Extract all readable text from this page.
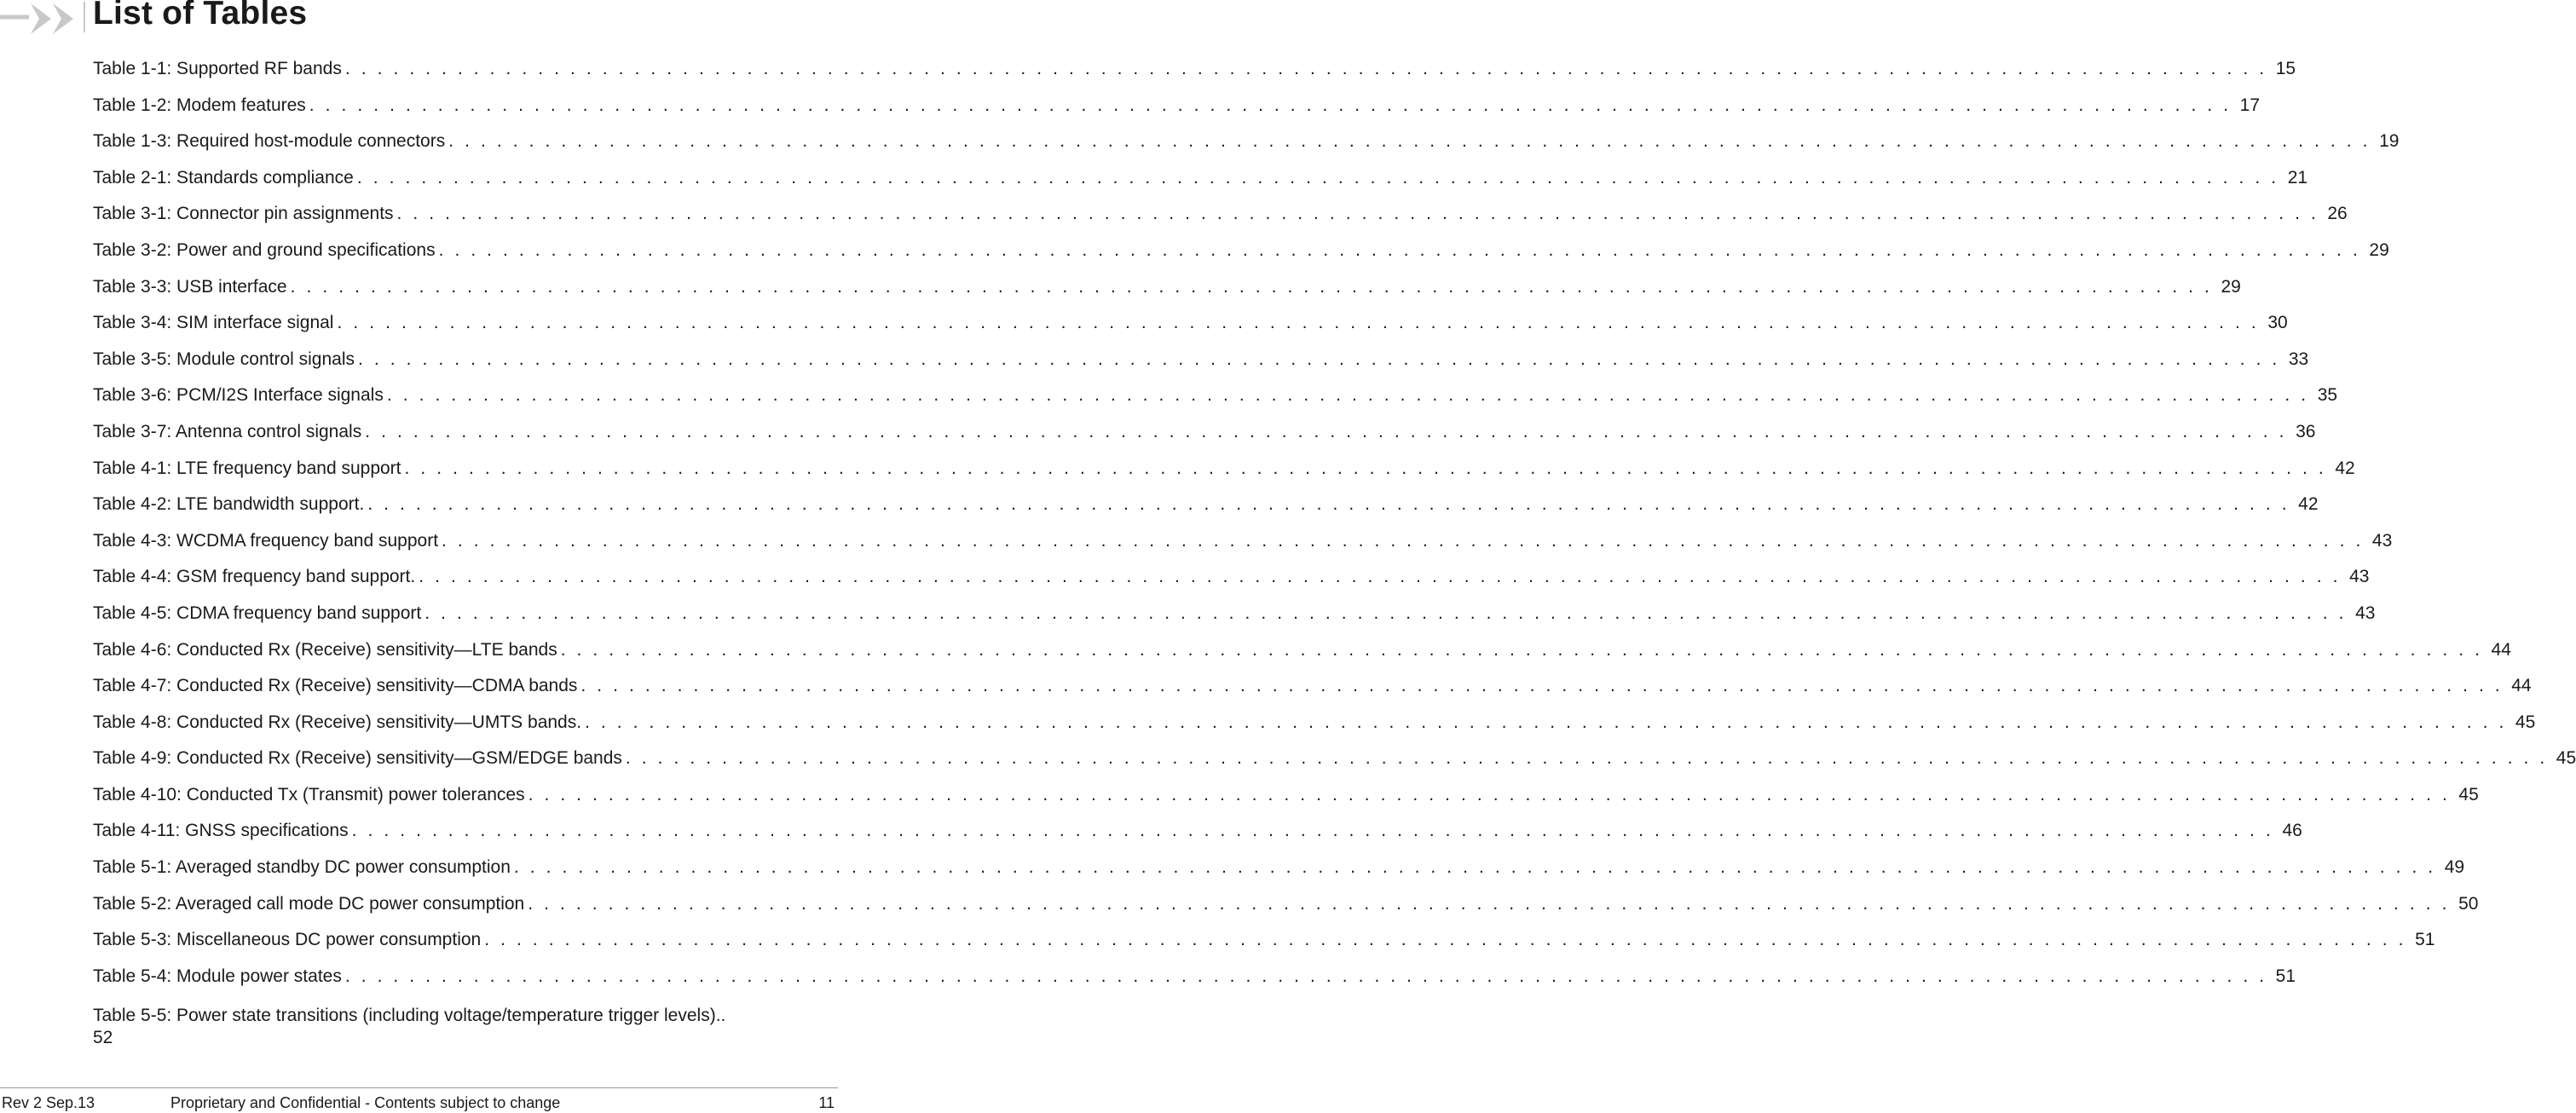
List of Tables
Table 1-1: Supported RF bands . . . . . . . . . . . . . . . . . . . . . . . . . . . . . . . . . . . . . . . . . . . . . . . . . . . . . . . . . . . . . . . . . . . . . . . . . . . . . . . . . . . . . . . . . . . . . . . . . . . . . . . . . . . . . . . . . . . . . . . . 15
Table 1-2: Modem features . . . . . . . . . . . . . . . . . . . . . . . . . . . . . . . . . . . . . . . . . . . . . . . . . . . . . . . . . . . . . . . . . . . . . . . . . . . . . . . . . . . . . . . . . . . . . . . . . . . . . . . . . . . . . . . . . . . . . . . . 17
Table 1-3: Required host-module connectors . . . . . . . . . . . . . . . . . . . . . . . . . . . . . . . . . . . . . . . . . . . . . . . . . . . . . . . . . . . . . . . . . . . . . . . . . . . . . . . . . . . . . . . . . . . . . . . . . . . . . . . . . . . . . . . . . . . . . . . . 19
Table 2-1: Standards compliance . . . . . . . . . . . . . . . . . . . . . . . . . . . . . . . . . . . . . . . . . . . . . . . . . . . . . . . . . . . . . . . . . . . . . . . . . . . . . . . . . . . . . . . . . . . . . . . . . . . . . . . . . . . . . . . . . . . . . . . . 21
Table 3-1: Connector pin assignments . . . . . . . . . . . . . . . . . . . . . . . . . . . . . . . . . . . . . . . . . . . . . . . . . . . . . . . . . . . . . . . . . . . . . . . . . . . . . . . . . . . . . . . . . . . . . . . . . . . . . . . . . . . . . . . . . . . . . . . . 26
Table 3-2: Power and ground specifications . . . . . . . . . . . . . . . . . . . . . . . . . . . . . . . . . . . . . . . . . . . . . . . . . . . . . . . . . . . . . . . . . . . . . . . . . . . . . . . . . . . . . . . . . . . . . . . . . . . . . . . . . . . . . . . . . . . . . . . . 29
Table 3-3: USB interface . . . . . . . . . . . . . . . . . . . . . . . . . . . . . . . . . . . . . . . . . . . . . . . . . . . . . . . . . . . . . . . . . . . . . . . . . . . . . . . . . . . . . . . . . . . . . . . . . . . . . . . . . . . . . . . . . . . . . . . . 29
Table 3-4: SIM interface signal . . . . . . . . . . . . . . . . . . . . . . . . . . . . . . . . . . . . . . . . . . . . . . . . . . . . . . . . . . . . . . . . . . . . . . . . . . . . . . . . . . . . . . . . . . . . . . . . . . . . . . . . . . . . . . . . . . . . . . . . 30
Table 3-5: Module control signals . . . . . . . . . . . . . . . . . . . . . . . . . . . . . . . . . . . . . . . . . . . . . . . . . . . . . . . . . . . . . . . . . . . . . . . . . . . . . . . . . . . . . . . . . . . . . . . . . . . . . . . . . . . . . . . . . . . . . . . . 33
Table 3-6: PCM/I2S Interface signals . . . . . . . . . . . . . . . . . . . . . . . . . . . . . . . . . . . . . . . . . . . . . . . . . . . . . . . . . . . . . . . . . . . . . . . . . . . . . . . . . . . . . . . . . . . . . . . . . . . . . . . . . . . . . . . . . . . . . . . . 35
Table 3-7: Antenna control signals . . . . . . . . . . . . . . . . . . . . . . . . . . . . . . . . . . . . . . . . . . . . . . . . . . . . . . . . . . . . . . . . . . . . . . . . . . . . . . . . . . . . . . . . . . . . . . . . . . . . . . . . . . . . . . . . . . . . . . . . 36
Table 4-1: LTE frequency band support . . . . . . . . . . . . . . . . . . . . . . . . . . . . . . . . . . . . . . . . . . . . . . . . . . . . . . . . . . . . . . . . . . . . . . . . . . . . . . . . . . . . . . . . . . . . . . . . . . . . . . . . . . . . . . . . . . . . . . . . 42
Table 4-2: LTE bandwidth support. . . . . . . . . . . . . . . . . . . . . . . . . . . . . . . . . . . . . . . . . . . . . . . . . . . . . . . . . . . . . . . . . . . . . . . . . . . . . . . . . . . . . . . . . . . . . . . . . . . . . . . . . . . . . . . . . . . . . . . . . 42
Table 4-3: WCDMA frequency band support . . . . . . . . . . . . . . . . . . . . . . . . . . . . . . . . . . . . . . . . . . . . . . . . . . . . . . . . . . . . . . . . . . . . . . . . . . . . . . . . . . . . . . . . . . . . . . . . . . . . . . . . . . . . . . . . . . . . . . . . 43
Table 4-4: GSM frequency band support. . . . . . . . . . . . . . . . . . . . . . . . . . . . . . . . . . . . . . . . . . . . . . . . . . . . . . . . . . . . . . . . . . . . . . . . . . . . . . . . . . . . . . . . . . . . . . . . . . . . . . . . . . . . . . . . . . . . . . . . . 43
Table 4-5: CDMA frequency band support . . . . . . . . . . . . . . . . . . . . . . . . . . . . . . . . . . . . . . . . . . . . . . . . . . . . . . . . . . . . . . . . . . . . . . . . . . . . . . . . . . . . . . . . . . . . . . . . . . . . . . . . . . . . . . . . . . . . . . . . 43
Table 4-6: Conducted Rx (Receive) sensitivity—LTE bands . . . . . . . . . . . . . . . . . . . . . . . . . . . . . . . . . . . . . . . . . . . . . . . . . . . . . . . . . . . . . . . . . . . . . . . . . . . . . . . . . . . . . . . . . . . . . . . . . . . . . . . . . . . . . . . . . . . . . . . . 44
Table 4-7: Conducted Rx (Receive) sensitivity—CDMA bands . . . . . . . . . . . . . . . . . . . . . . . . . . . . . . . . . . . . . . . . . . . . . . . . . . . . . . . . . . . . . . . . . . . . . . . . . . . . . . . . . . . . . . . . . . . . . . . . . . . . . . . . . . . . . . . . . . . . . . . . 44
Table 4-8: Conducted Rx (Receive) sensitivity—UMTS bands. . . . . . . . . . . . . . . . . . . . . . . . . . . . . . . . . . . . . . . . . . . . . . . . . . . . . . . . . . . . . . . . . . . . . . . . . . . . . . . . . . . . . . . . . . . . . . . . . . . . . . . . . . . . . . . . . . . . . . . . . 45
Table 4-9: Conducted Rx (Receive) sensitivity—GSM/EDGE bands . . . . . . . . . . . . . . . . . . . . . . . . . . . . . . . . . . . . . . . . . . . . . . . . . . . . . . . . . . . . . . . . . . . . . . . . . . . . . . . . . . . . . . . . . . . . . . . . . . . . . . . . . . . . . . . . . . . . . . . . 45
Table 4-10: Conducted Tx (Transmit) power tolerances . . . . . . . . . . . . . . . . . . . . . . . . . . . . . . . . . . . . . . . . . . . . . . . . . . . . . . . . . . . . . . . . . . . . . . . . . . . . . . . . . . . . . . . . . . . . . . . . . . . . . . . . . . . . . . . . . . . . . . . . 45
Table 4-11: GNSS specifications . . . . . . . . . . . . . . . . . . . . . . . . . . . . . . . . . . . . . . . . . . . . . . . . . . . . . . . . . . . . . . . . . . . . . . . . . . . . . . . . . . . . . . . . . . . . . . . . . . . . . . . . . . . . . . . . . . . . . . . . 46
Table 5-1: Averaged standby DC power consumption . . . . . . . . . . . . . . . . . . . . . . . . . . . . . . . . . . . . . . . . . . . . . . . . . . . . . . . . . . . . . . . . . . . . . . . . . . . . . . . . . . . . . . . . . . . . . . . . . . . . . . . . . . . . . . . . . . . . . . . . 49
Table 5-2: Averaged call mode DC power consumption . . . . . . . . . . . . . . . . . . . . . . . . . . . . . . . . . . . . . . . . . . . . . . . . . . . . . . . . . . . . . . . . . . . . . . . . . . . . . . . . . . . . . . . . . . . . . . . . . . . . . . . . . . . . . . . . . . . . . . . . 50
Table 5-3: Miscellaneous DC power consumption . . . . . . . . . . . . . . . . . . . . . . . . . . . . . . . . . . . . . . . . . . . . . . . . . . . . . . . . . . . . . . . . . . . . . . . . . . . . . . . . . . . . . . . . . . . . . . . . . . . . . . . . . . . . . . . . . . . . . . . . 51
Table 5-4: Module power states . . . . . . . . . . . . . . . . . . . . . . . . . . . . . . . . . . . . . . . . . . . . . . . . . . . . . . . . . . . . . . . . . . . . . . . . . . . . . . . . . . . . . . . . . . . . . . . . . . . . . . . . . . . . . . . . . . . . . . . . 51
Table 5-5: Power state transitions (including voltage/temperature trigger levels)..
52
Rev 2 Sep.13	Proprietary and Confidential - Contents subject to change	11
